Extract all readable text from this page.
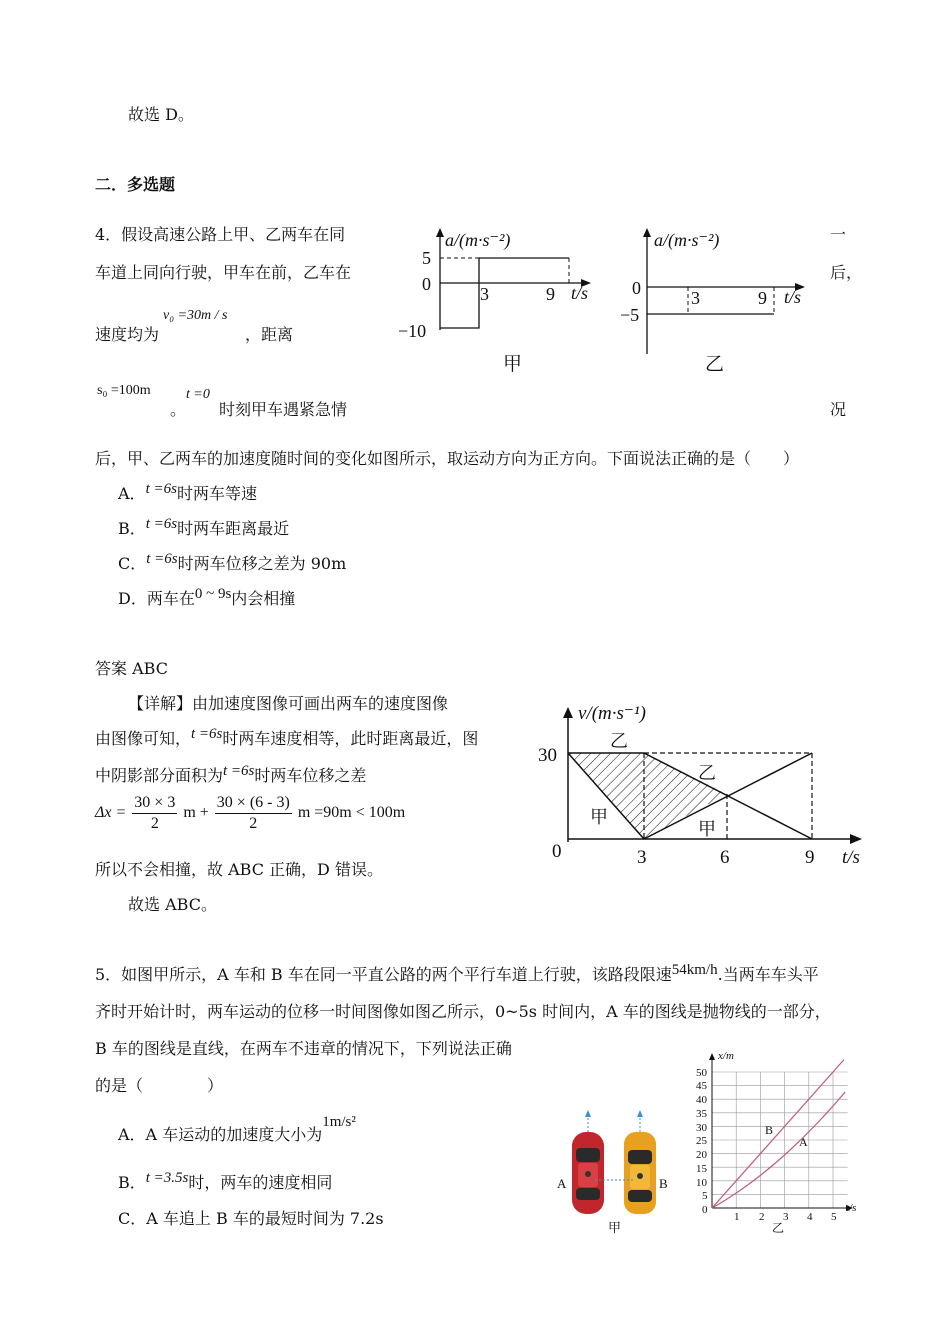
故选 D。
二．多选题
4．假设高速公路上甲、乙两车在同	一
车道上同向行驶，甲车在前，乙车在	后，
速度均为
v₀ =30m / s
，距离
s₀ =100m
。
t =0
时刻甲车遇紧急情	况
后，甲、乙两车的加速度随时间的变化如图所示，取运动方向为正方向。下面说法正确的是（　　）
A．t =6s时两车等速
B．t =6s时两车距离最近
C．t =6s时两车位移之差为 90m
D．两车在0 ~ 9s内会相撞
答案 ABC
【详解】由加速度图像可画出两车的速度图像
由图像可知，t =6s时两车速度相等，此时距离最近，图
中阴影部分面积为t =6s时两车位移之差
$\Delta x = \frac{30 \times 3}{2}$ $m + \frac{30 \times (6 - 3)}{2}$ m =90m < 100m
所以不会相撞，故 ABC 正确，D 错误。
故选 ABC。
a/(m·s⁻²)
t/s
5
0
−10
3	9
甲
a/(m·s⁻²)
t/s
0
−5
3	9
乙
v/(m·s⁻¹)
t/s
30
0	3	6	9
乙
乙
甲
甲
5．如图甲所示，A 车和 B 车在同一平直公路的两个平行车道上行驶，该路段限速54km/h.当两车车头平
齐时开始计时，两车运动的位移一时间图像如图乙所示，0~5s 时间内，A 车的图线是抛物线的一部分，
B 车的图线是直线，在两车不违章的情况下，下列说法正确
的是（　　　　）
A．A 车运动的加速度大小为1m/s²
B．t =3.5s时，两车的速度相同
C．A 车追上 B 车的最短时间为 7.2s
A	B
甲
x/m
t/s
50
45
40
35
30
25
20
15
10
5
0
1 2 3 4 5
B
A
乙
